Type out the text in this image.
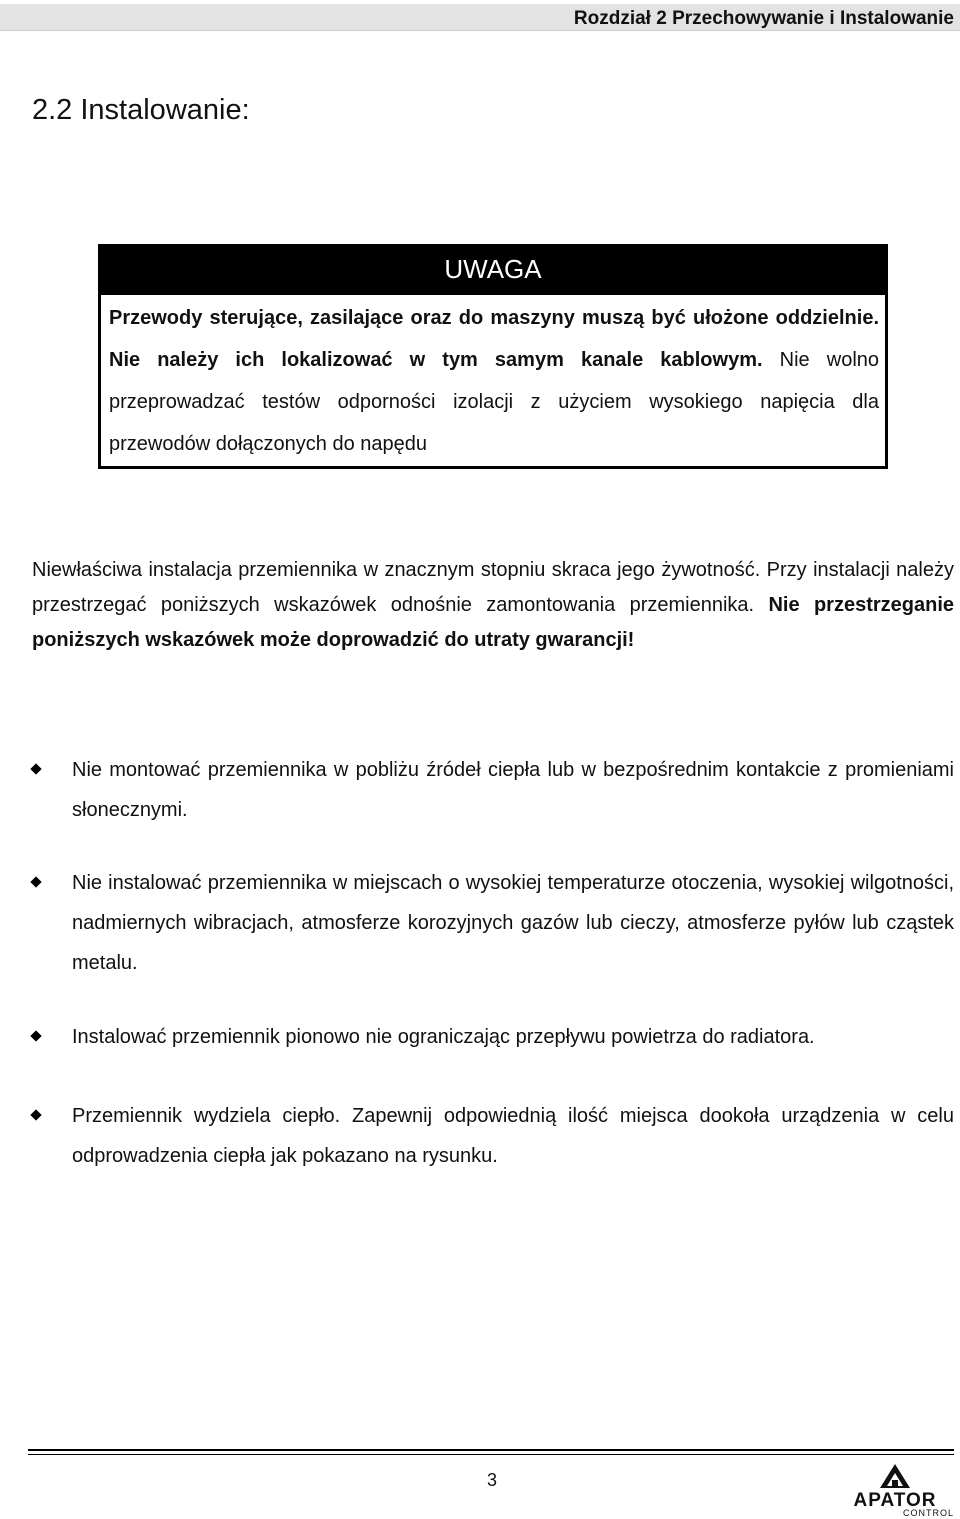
Rozdział 2 Przechowywanie i Instalowanie
2.2 Instalowanie:
UWAGA

Przewody sterujące, zasilające oraz do maszyny muszą być ułożone oddzielnie. Nie należy ich lokalizować w tym samym kanale kablowym. Nie wolno przeprowadzać testów odporności izolacji z użyciem wysokiego napięcia dla przewodów dołączonych do napędu

Niewłaściwa instalacja przemiennika w znacznym stopniu skraca jego żywotność. Przy instalacji należy przestrzegać poniższych wskazówek odnośnie zamontowania przemiennika. Nie przestrzeganie poniższych wskazówek może doprowadzić do utraty gwarancji!

Nie montować przemiennika w pobliżu źródeł ciepła lub w bezpośrednim kontakcie z promieniami słonecznymi.

Nie instalować przemiennika w miejscach o wysokiej temperaturze otoczenia, wysokiej wilgotności, nadmiernych wibracjach, atmosferze korozyjnych gazów lub cieczy, atmosferze pyłów lub cząstek metalu.

Instalować przemiennik pionowo nie ograniczając przepływu powietrza do radiatora.

Przemiennik wydziela ciepło. Zapewnij odpowiednią ilość miejsca dookoła urządzenia w celu odprowadzenia ciepła jak pokazano na rysunku.

3
APATOR
CONTROL
